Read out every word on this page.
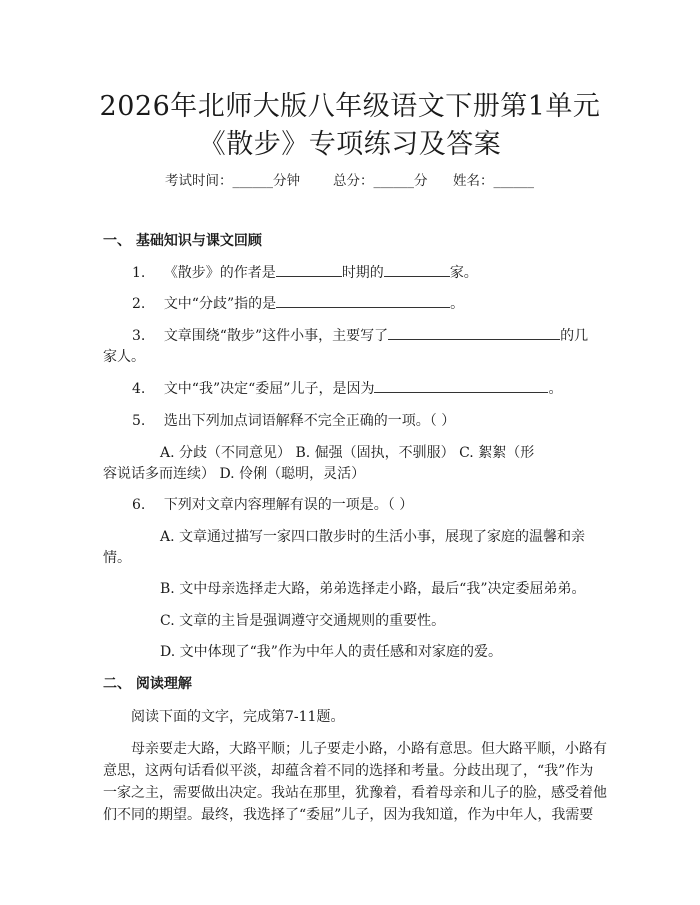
2026年北师大版八年级语文下册第1单元
《散步》专项练习及答案
考试时间：______分钟 总分：______分 姓名：______
一、 基础知识与课文回顾
1. 《散步》的作者是	时期的	家。
2. 文中“分歧”指的是	。
3. 文章围绕“散步”这件小事，主要写了	的几
家人。
4. 文中“我”决定“委屈”儿子，是因为	。
5. 选出下列加点词语解释不完全正确的一项。（ ）
A. 分歧（不同意见） B. 倔强（固执，不驯服） C. 絮絮（形
容说话多而连续） D. 伶俐（聪明，灵活）
6. 下列对文章内容理解有误的一项是。（ ）
A. 文章通过描写一家四口散步时的生活小事，展现了家庭的温馨和亲
情。
B. 文中母亲选择走大路，弟弟选择走小路，最后“我”决定委屈弟弟。
C. 文章的主旨是强调遵守交通规则的重要性。
D. 文中体现了“我”作为中年人的责任感和对家庭的爱。
二、 阅读理解
阅读下面的文字，完成第7-11题。
母亲要走大路，大路平顺；儿子要走小路，小路有意思。但大路平顺，小路有
意思，这两句话看似平淡，却蕴含着不同的选择和考量。分歧出现了，“我”作为
一家之主，需要做出决定。我站在那里，犹豫着，看着母亲和儿子的脸，感受着他
们不同的期望。最终，我选择了“委屈”儿子，因为我知道，作为中年人，我需要
